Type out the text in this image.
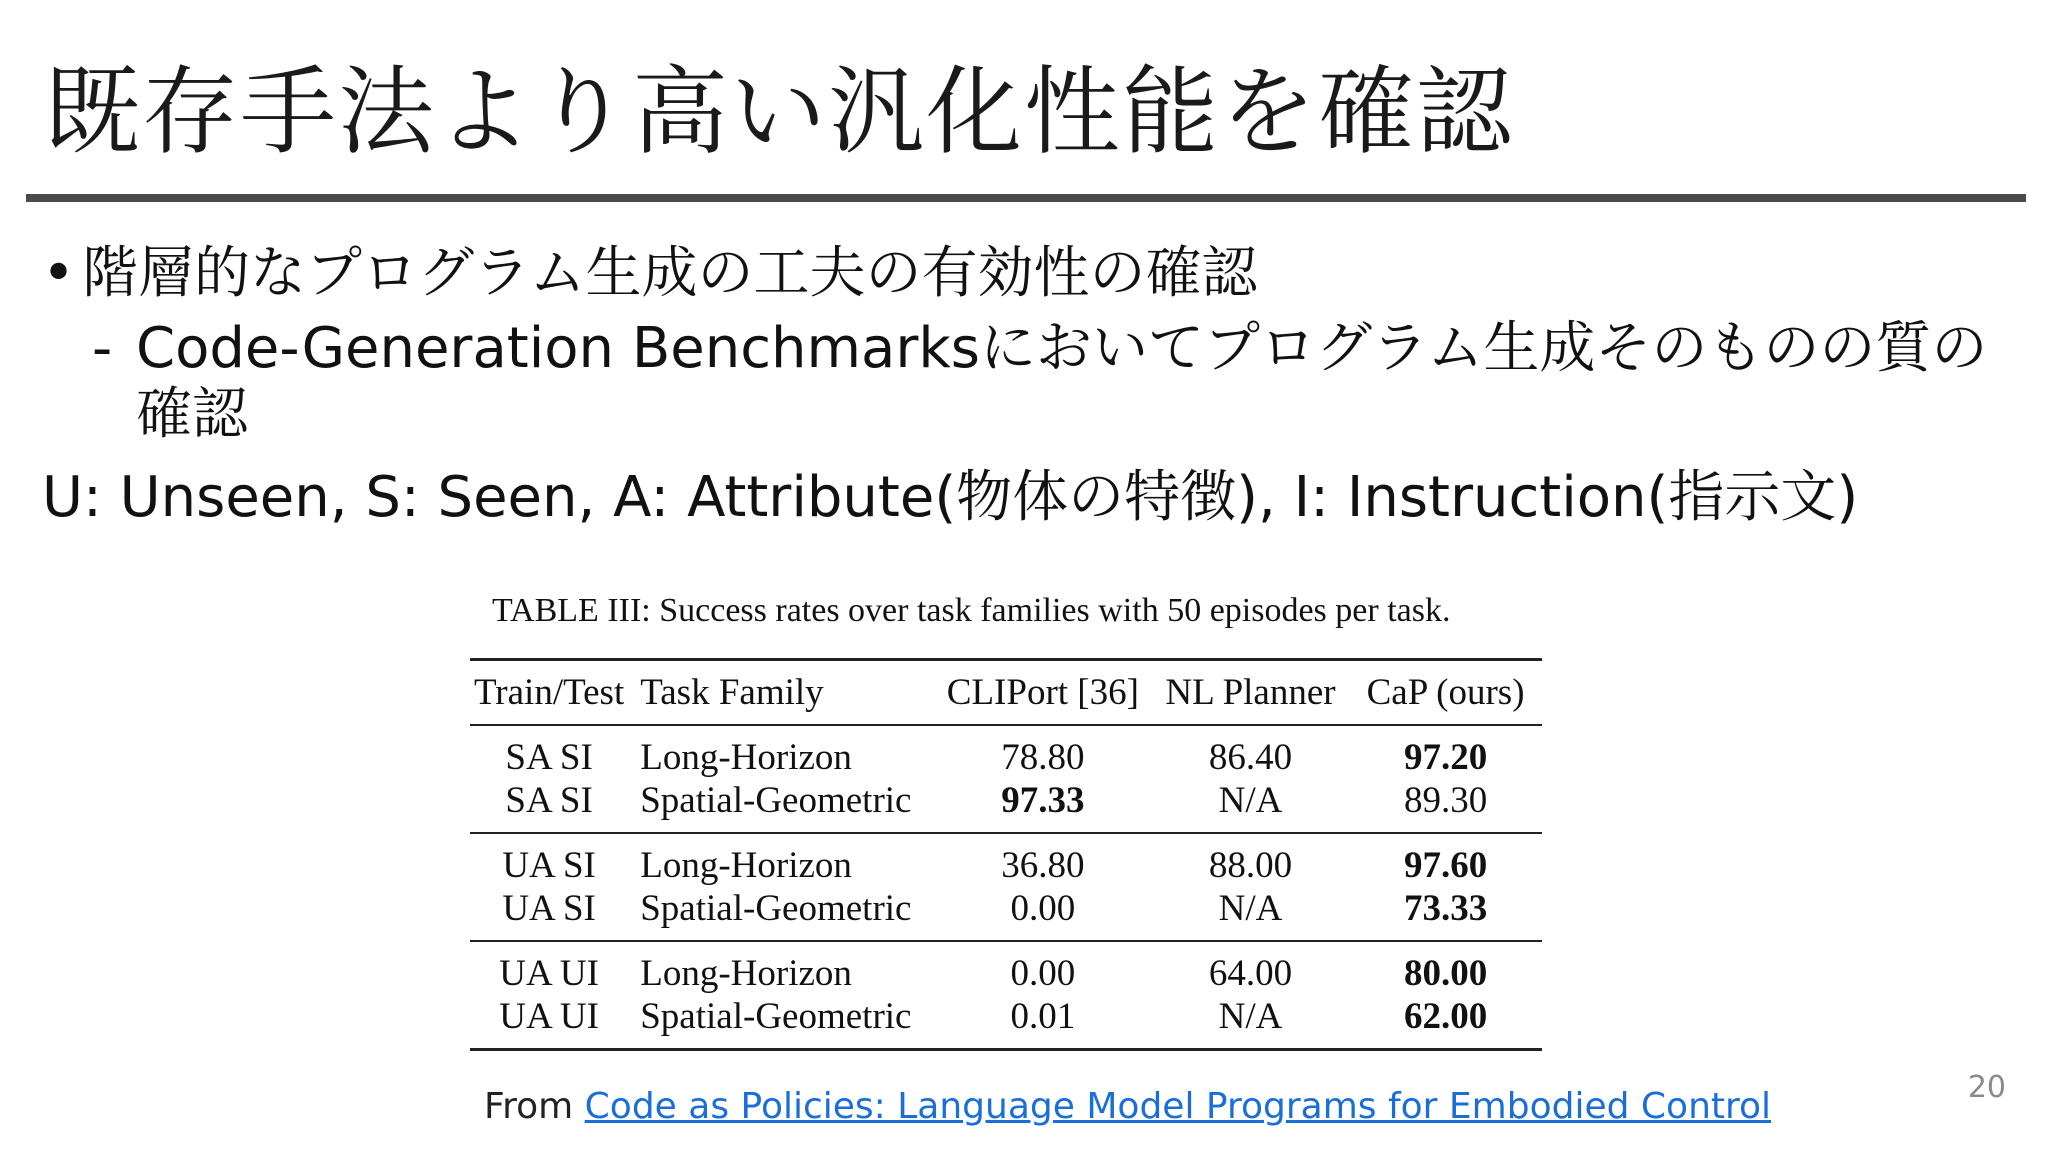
既存手法より高い汎化性能を確認
• 階層的なプログラム生成の工夫の有効性の確認
- Code-Generation Benchmarksにおいてプログラム生成そのものの質の確認
U: Unseen, S: Seen, A: Attribute(物体の特徴), I: Instruction(指示文)
TABLE III: Success rates over task families with 50 episodes per task.
Train/Test	Task Family	CLIPort [36]	NL Planner	CaP (ours)
SA SI	Long-Horizon	78.80	86.40	97.20
SA SI	Spatial-Geometric	97.33	N/A	89.30
UA SI	Long-Horizon	36.80	88.00	97.60
UA SI	Spatial-Geometric	0.00	N/A	73.33
UA UI	Long-Horizon	0.00	64.00	80.00
UA UI	Spatial-Geometric	0.01	N/A	62.00
From Code as Policies: Language Model Programs for Embodied Control	20
